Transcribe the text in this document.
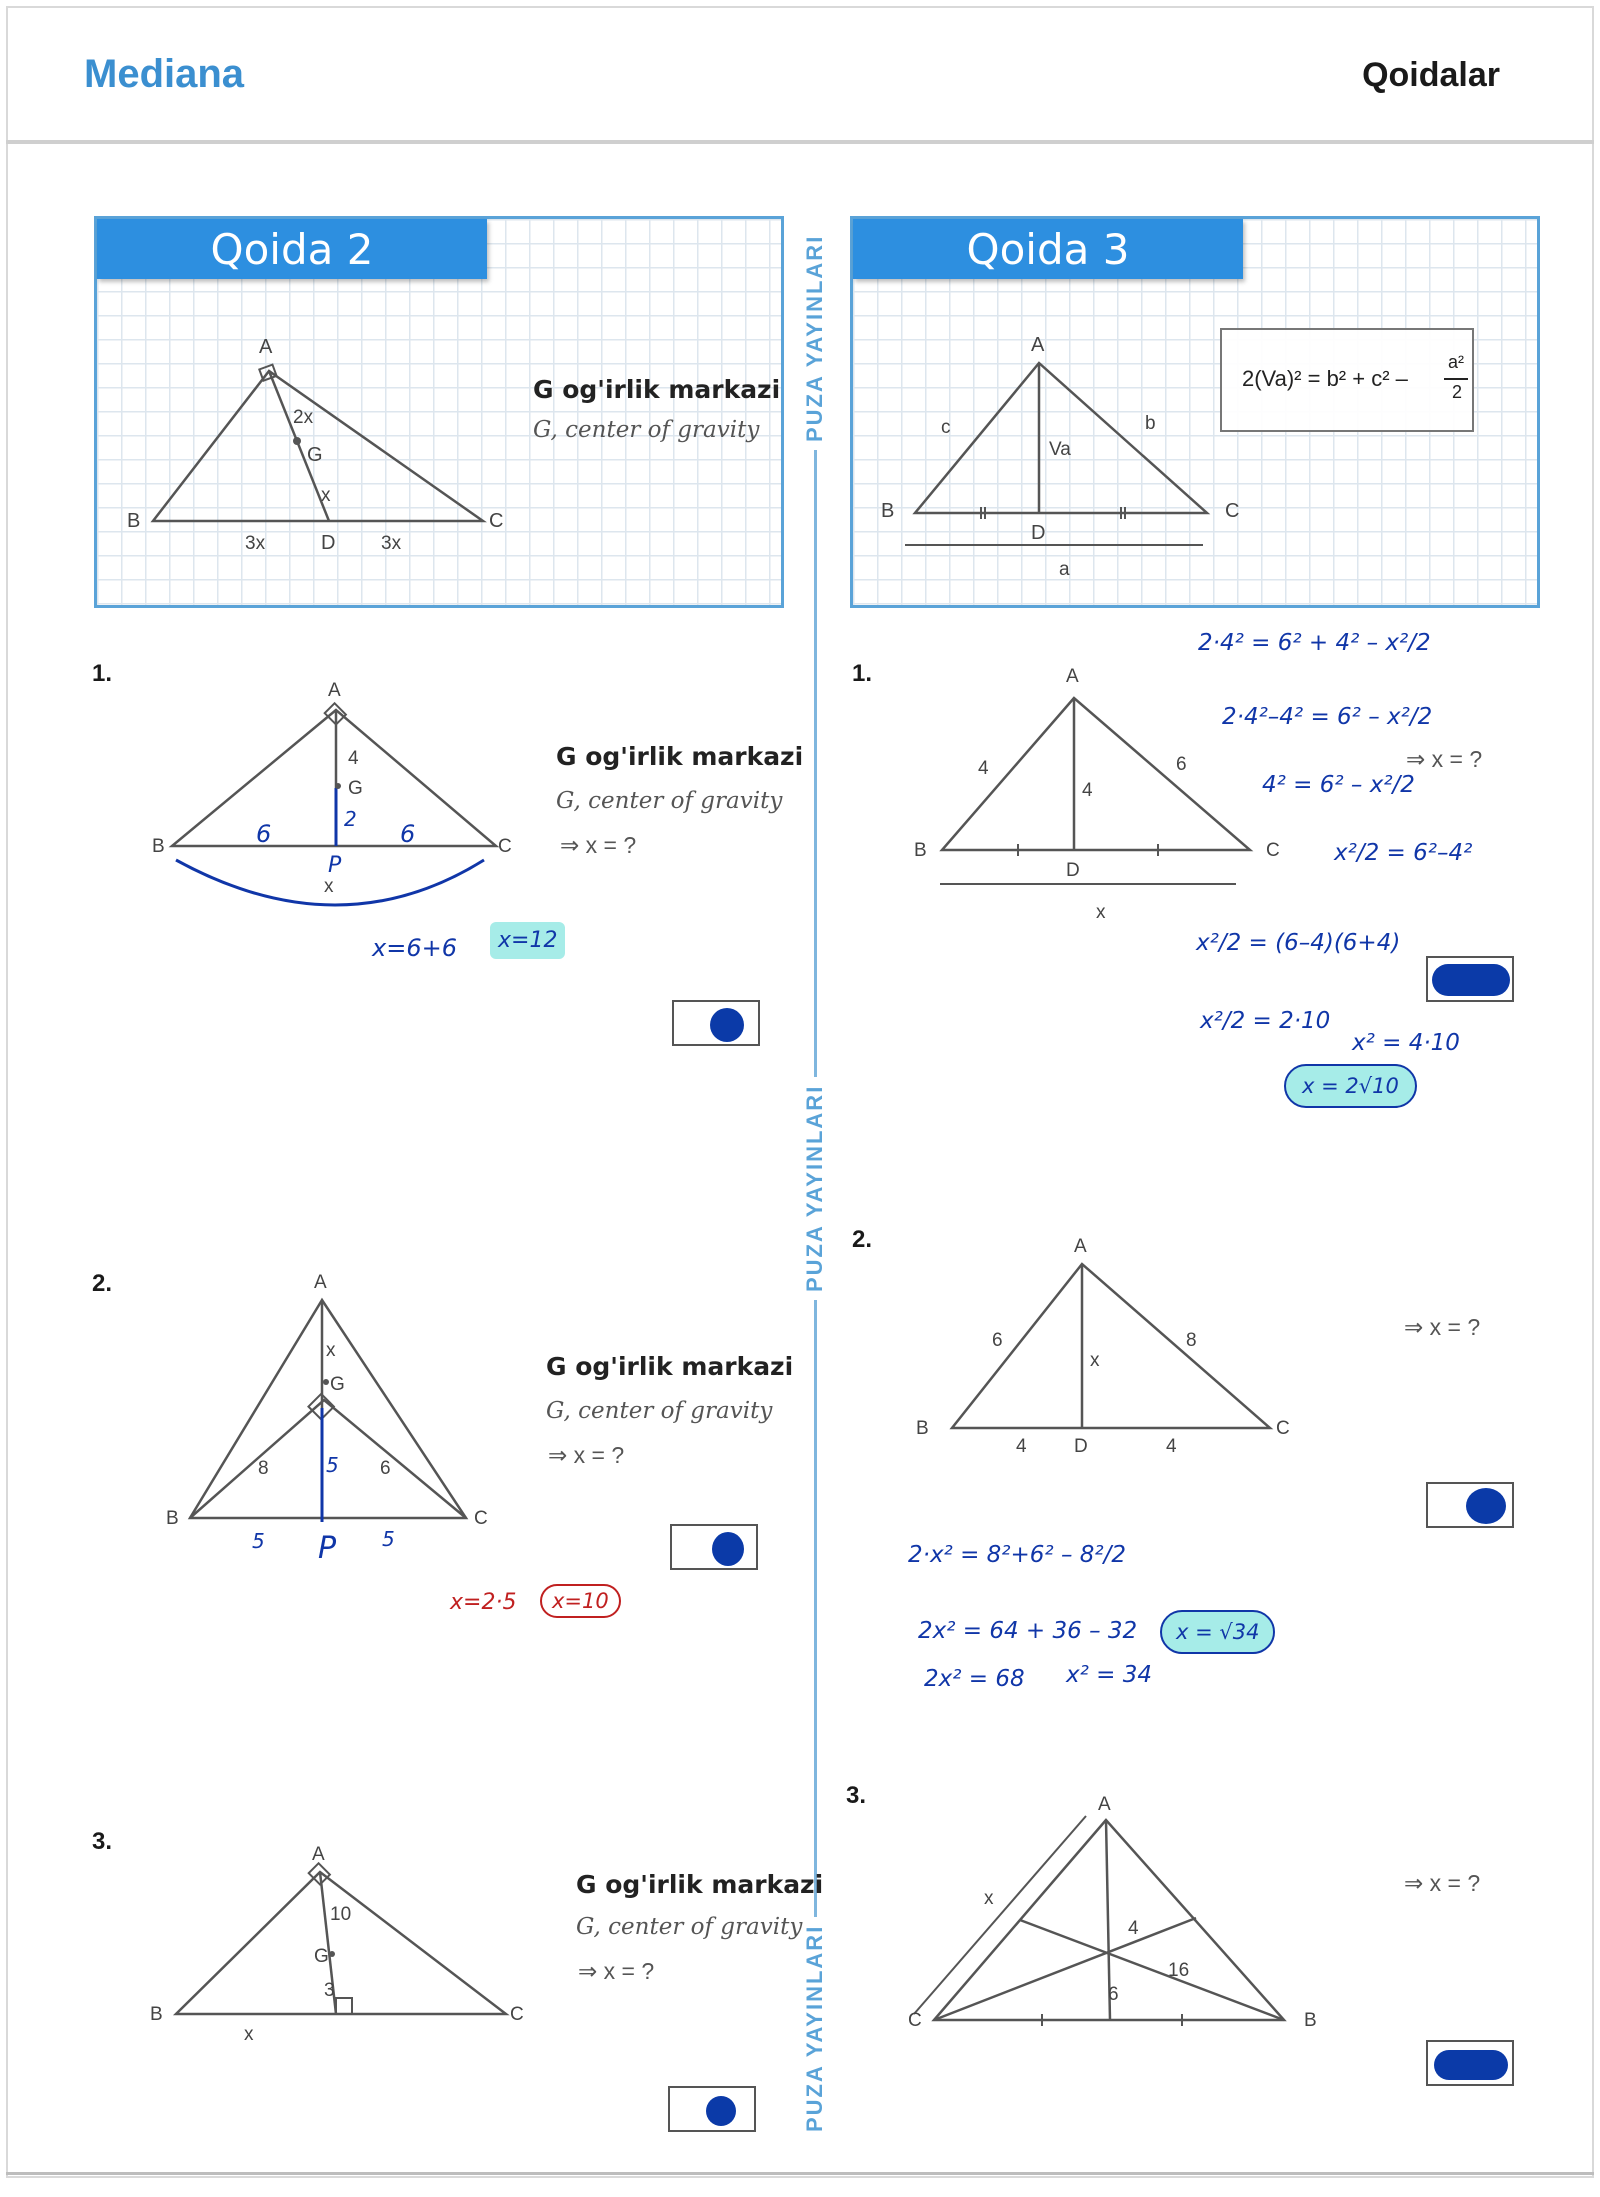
Mediana	Qoidalar
Qoida 2
A
B	C
D
G
2x
x
3x	3x
G og'irlik markazi
G, center of gravity
Qoida 3
A
B	C
D
c	b
Va
a
2(Va)² = b² + c² –
a²
2
PUZA YAYINLARI
PUZA YAYINLARI
PUZA YAYINLARI
1.
A
B	C
G
4
x
2
6	6
P
G og'irlik markazi
G, center of gravity
⇒ x = ?
x=6+6	x=12
2.	A
B	C
G
x
8	6
5
5	5
P
G og'irlik markazi
G, center of gravity
⇒ x = ?
x=2·5	x=10
3.	A
B	C
G
10
3
x
G og'irlik markazi
G, center of gravity
⇒ x = ?
1.	A
B	C
D
4	6
4
x
⇒ x = ?
2·4² = 6² + 4² – x²/2
2·4²–4² = 6² – x²/2
4² = 6² – x²/2
x²/2 = 6²–4²
x²/2 = (6–4)(6+4)
x²/2 = 2·10
x² = 4·10
x = 2√10
2.	A
B	C
D
6	8
4	4
x
⇒ x = ?
2·x² = 8²+6² – 8²/2
2x² = 64 + 36 – 32
2x² = 68 x² = 34
x = √34
3.	A
B
C
x
4
16
6
⇒ x = ?
